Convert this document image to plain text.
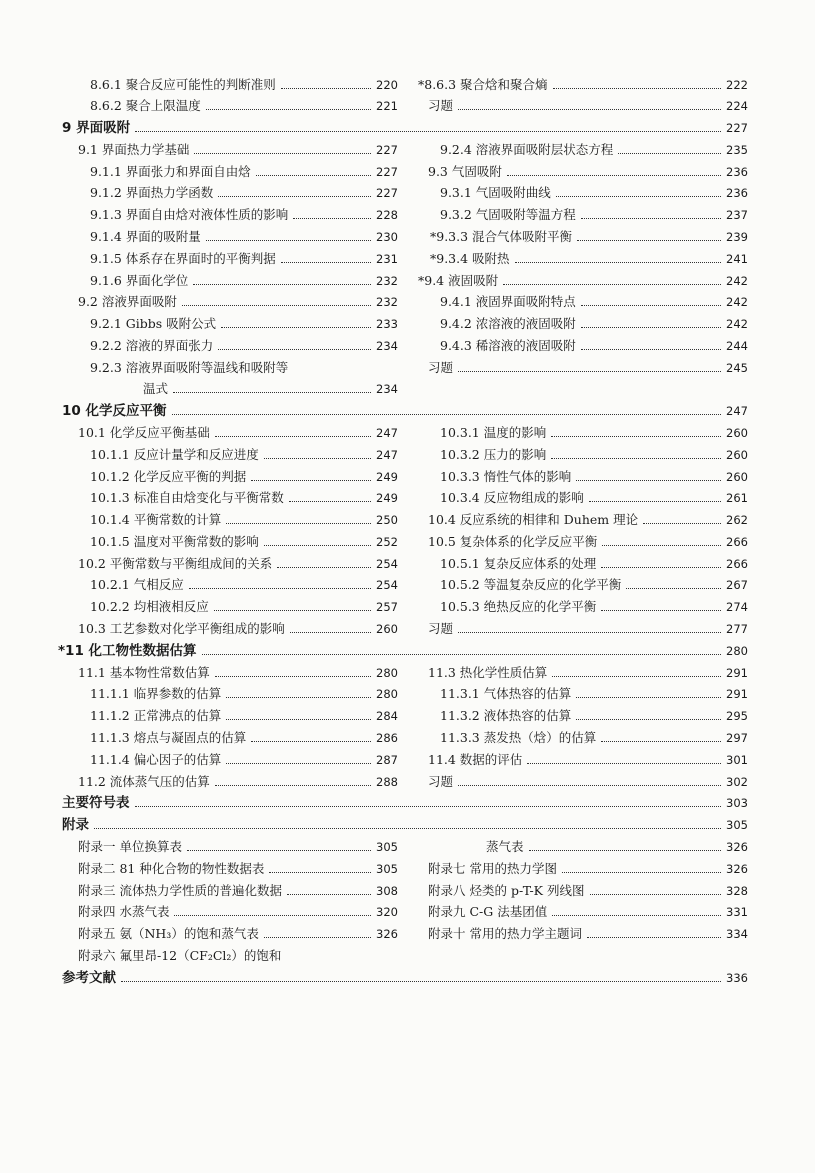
8.6.1 聚合反应可能性的判断准则	220 *8.6.3 聚合焓和聚合熵	222
8.6.2 聚合上限温度	221 习题	224
9 界面吸附	227
9.1 界面热力学基础	227	9.2.4 溶液界面吸附层状态方程	235
9.1.1 界面张力和界面自由焓	227 9.3 气固吸附	236
9.1.2 界面热力学函数	227	9.3.1 气固吸附曲线	236
9.1.3 界面自由焓对液体性质的影响	228	9.3.2 气固吸附等温方程	237
9.1.4 界面的吸附量	230	*9.3.3 混合气体吸附平衡	239
9.1.5 体系存在界面时的平衡判据	231	*9.3.4 吸附热	241
9.1.6 界面化学位	232 *9.4 液固吸附	242
9.2 溶液界面吸附	232	9.4.1 液固界面吸附特点	242
9.2.1 Gibbs 吸附公式	233	9.4.2 浓溶液的液固吸附	242
9.2.2 溶液的界面张力	234	9.4.3 稀溶液的液固吸附	244
9.2.3 溶液界面吸附等温线和吸附等	习题	245
温式	234
10 化学反应平衡	247
10.1 化学反应平衡基础	247	10.3.1 温度的影响	260
10.1.1 反应计量学和反应进度	247	10.3.2 压力的影响	260
10.1.2 化学反应平衡的判据	249	10.3.3 惰性气体的影响	260
10.1.3 标准自由焓变化与平衡常数	249	10.3.4 反应物组成的影响	261
10.1.4 平衡常数的计算	250 10.4 反应系统的相律和 Duhem 理论	262
10.1.5 温度对平衡常数的影响	252 10.5 复杂体系的化学反应平衡	266
10.2 平衡常数与平衡组成间的关系	254	10.5.1 复杂反应体系的处理	266
10.2.1 气相反应	254	10.5.2 等温复杂反应的化学平衡	267
10.2.2 均相液相反应	257	10.5.3 绝热反应的化学平衡	274
10.3 工艺参数对化学平衡组成的影响	260 习题	277
*11 化工物性数据估算	280
11.1 基本物性常数估算	280 11.3 热化学性质估算	291
11.1.1 临界参数的估算	280	11.3.1 气体热容的估算	291
11.1.2 正常沸点的估算	284	11.3.2 液体热容的估算	295
11.1.3 熔点与凝固点的估算	286	11.3.3 蒸发热（焓）的估算	297
11.1.4 偏心因子的估算	287 11.4 数据的评估	301
11.2 流体蒸气压的估算	288 习题	302
主要符号表	303
附录	305
附录一 单位换算表	305	蒸气表	326
附录二 81 种化合物的物性数据表	305 附录七 常用的热力学图	326
附录三 流体热力学性质的普遍化数据	308 附录八 烃类的 p-T-K 列线图	328
附录四 水蒸气表	320 附录九 C-G 法基团值	331
附录五 氨（NH₃）的饱和蒸气表	326 附录十 常用的热力学主题词	334
附录六 氟里昂-12（CF₂Cl₂）的饱和
参考文献	336
